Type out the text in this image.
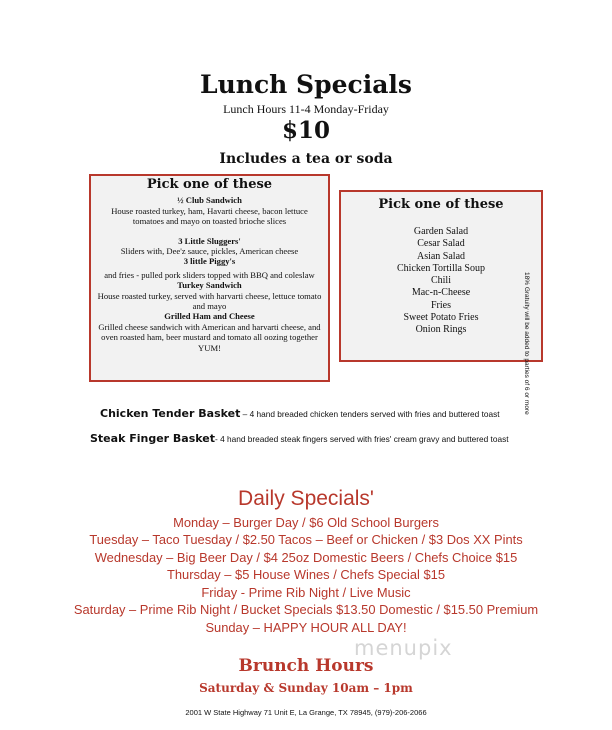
Lunch Specials
Lunch Hours 11-4 Monday-Friday
$10
Includes a tea or soda
Pick one of these
½ Club Sandwich
House roasted turkey, ham, Havarti cheese, bacon lettuce tomatoes and mayo on toasted brioche slices
3 Little Sluggers'
Sliders with, Dee'z sauce, pickles, American cheese
3 little Piggy's
and fries - pulled pork sliders topped with BBQ and coleslaw
Turkey Sandwich
House roasted turkey, served with harvarti cheese, lettuce tomato and mayo
Grilled Ham and Cheese
Grilled cheese sandwich with American and harvarti cheese, and oven roasted ham, beer mustard and tomato all oozing together YUM!
Pick one of these
Garden Salad
Cesar Salad
Asian Salad
Chicken Tortilla Soup
Chili
Mac-n-Cheese
Fries
Sweet Potato Fries
Onion Rings	18% Gratuity will be added to parties of 6 or more
Chicken Tender Basket – 4 hand breaded chicken tenders served with fries and buttered toast
Steak Finger Basket- 4 hand breaded steak fingers served with fries' cream gravy and buttered toast
Daily Specials'
Monday – Burger Day / $6 Old School Burgers
Tuesday – Taco Tuesday / $2.50 Tacos – Beef or Chicken / $3 Dos XX Pints
Wednesday – Big Beer Day / $4 25oz Domestic Beers / Chefs Choice $15
Thursday – $5 House Wines / Chefs Special $15
Friday - Prime Rib Night / Live Music
Saturday – Prime Rib Night / Bucket Specials $13.50 Domestic / $15.50 Premium
Sunday – HAPPY HOUR ALL DAY!
menupix
Brunch Hours
Saturday & Sunday 10am – 1pm
2001 W State Highway 71 Unit E, La Grange, TX 78945, (979)-206-2066
